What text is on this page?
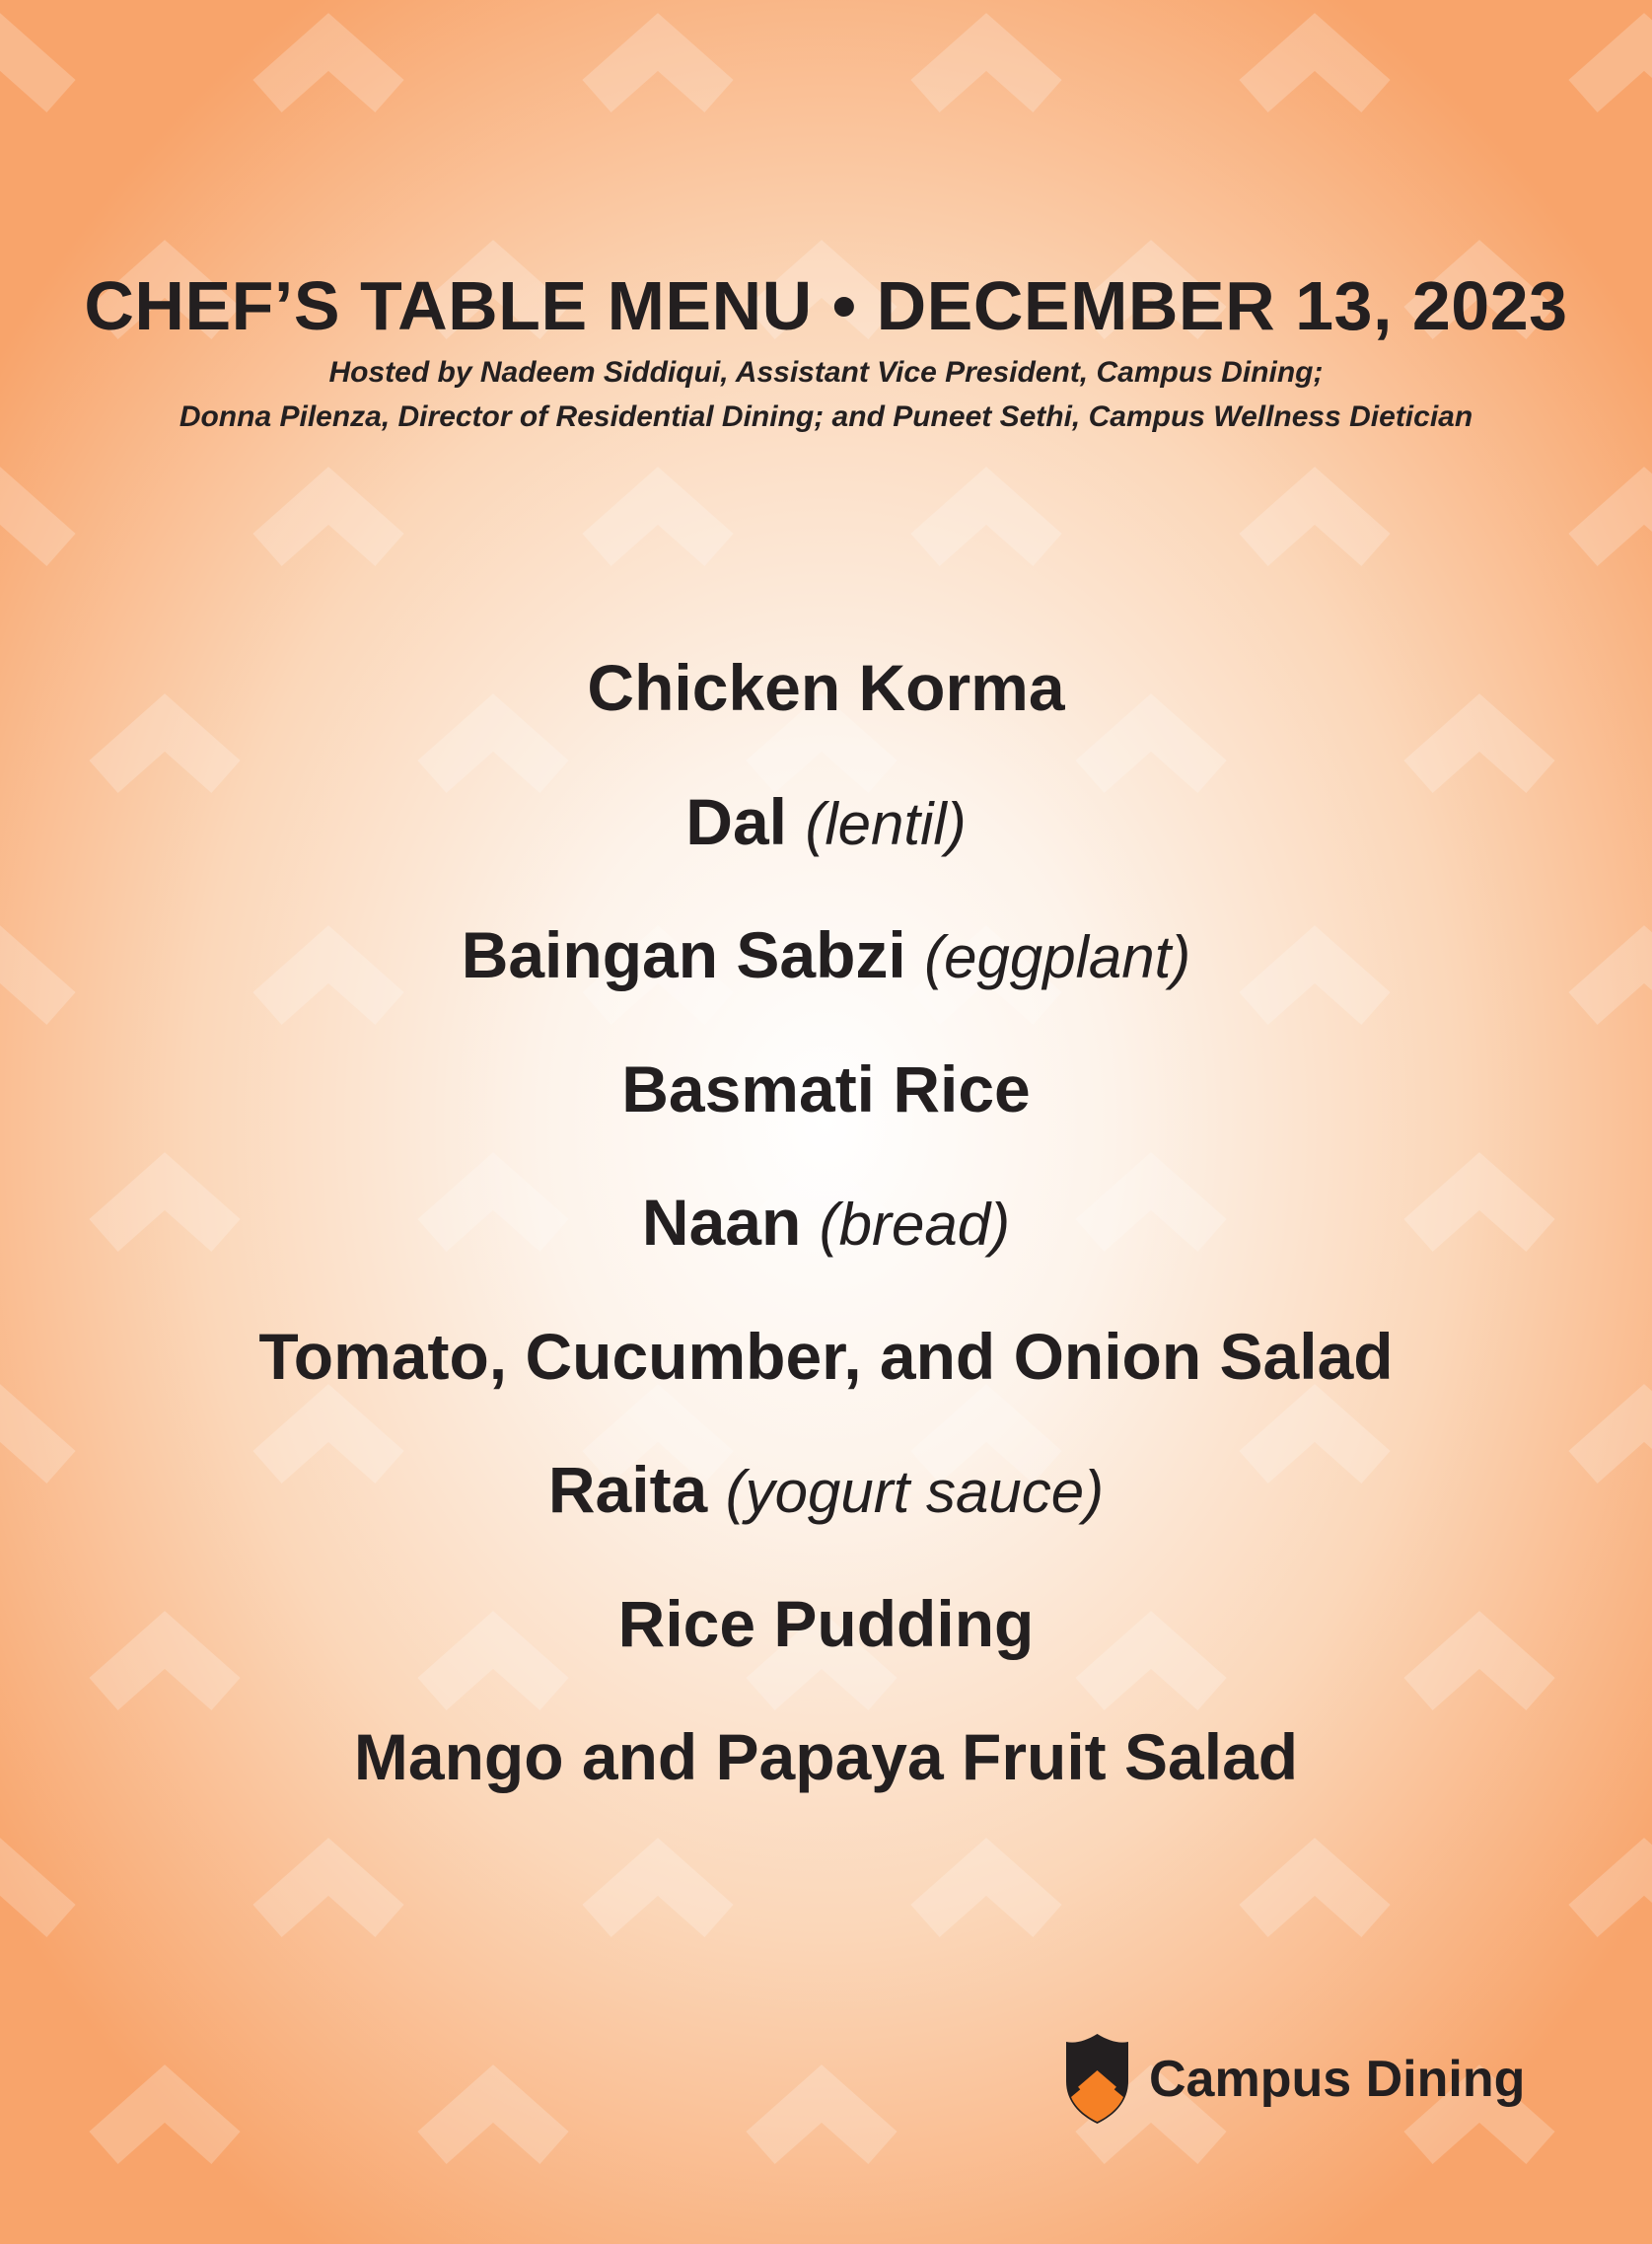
CHEF’S TABLE MENU • DECEMBER 13, 2023
Hosted by Nadeem Siddiqui, Assistant Vice President, Campus Dining;
Donna Pilenza, Director of Residential Dining; and Puneet Sethi, Campus Wellness Dietician
Chicken Korma
Dal (lentil)
Baingan Sabzi (eggplant)
Basmati Rice
Naan (bread)
Tomato, Cucumber, and Onion Salad
Raita (yogurt sauce)
Rice Pudding
Mango and Papaya Fruit Salad
Campus Dining
